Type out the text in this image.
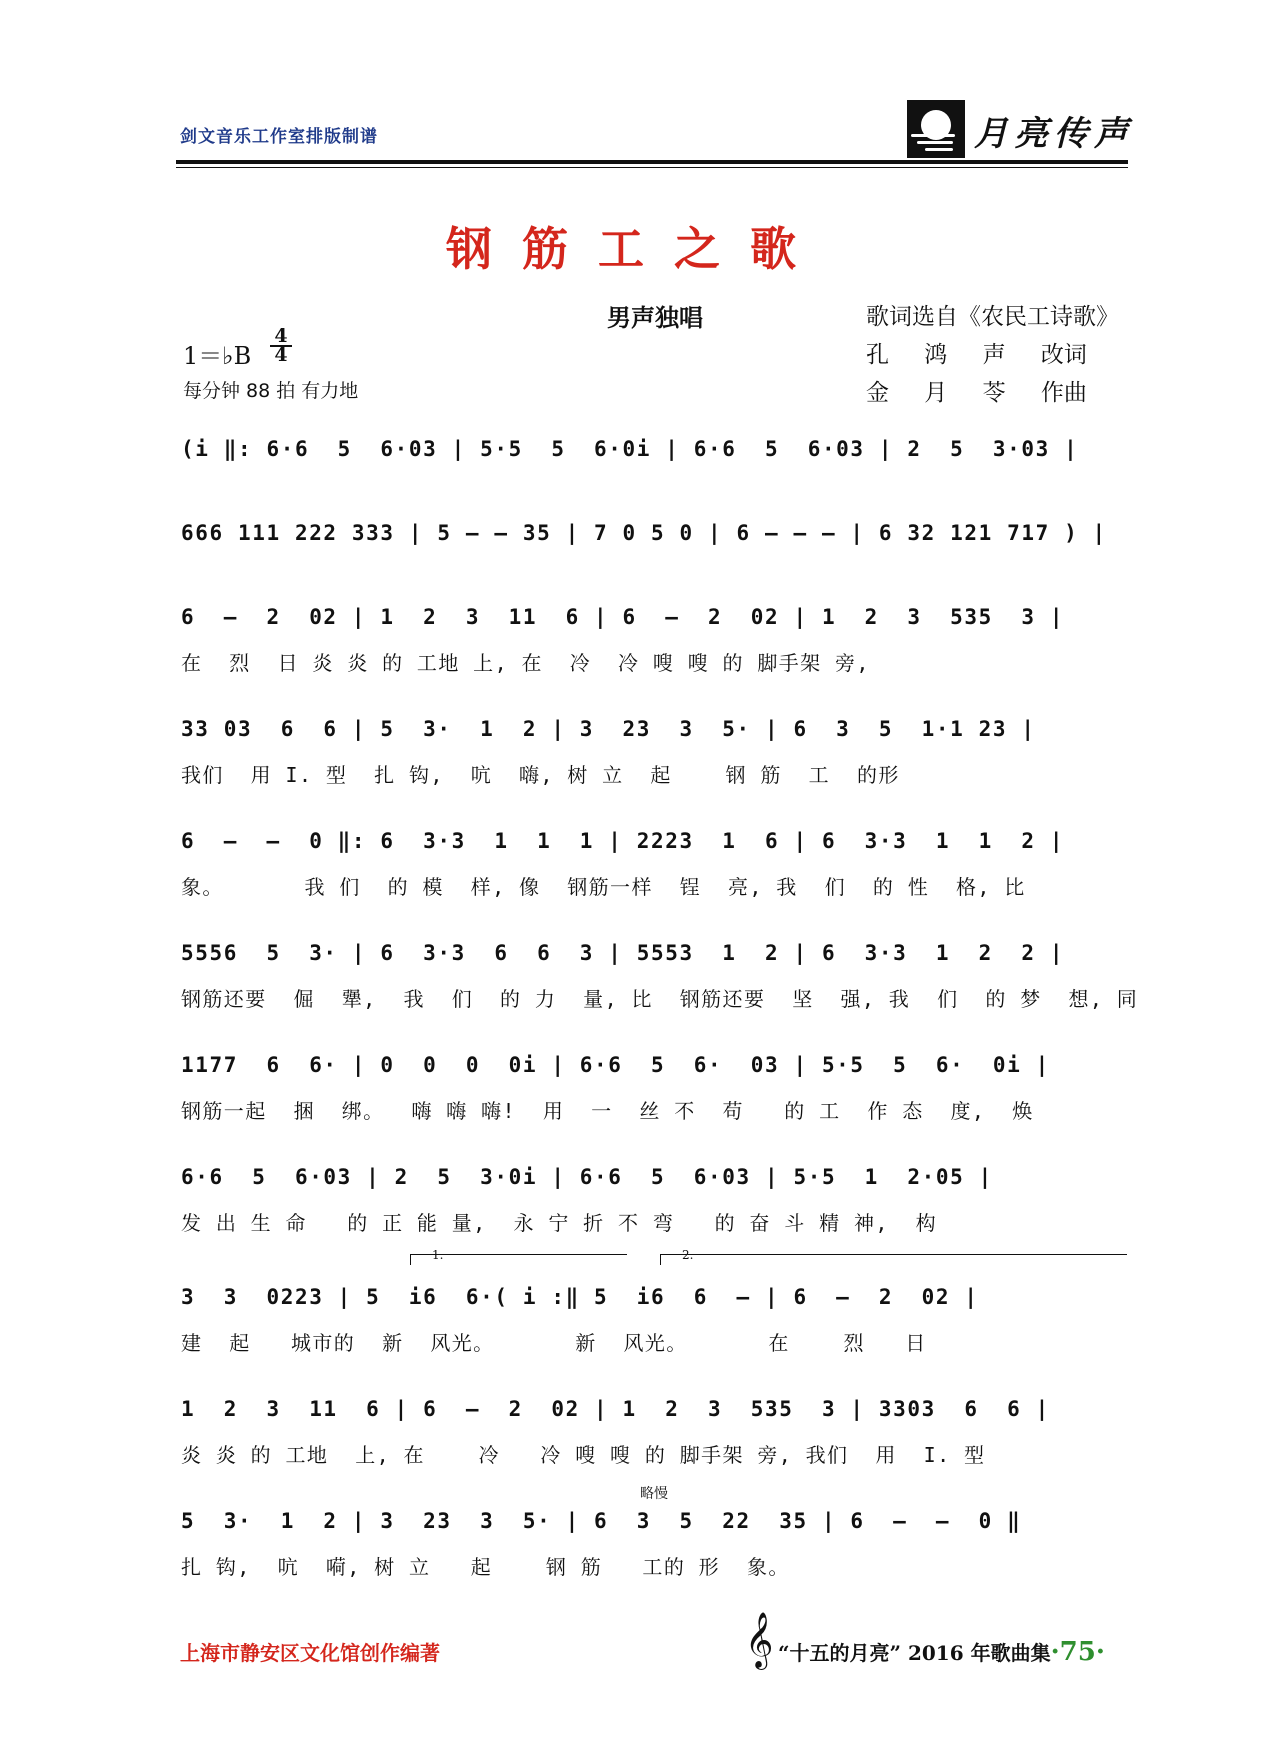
剑文音乐工作室排版制谱	月亮传声
钢筋工之歌
男声独唱	歌词选自《农民工诗歌》
孔 鸿 声 改词
金 月 苓 作曲
1＝♭B
4
4
每分钟 88 拍 有力地
(i ‖: 6·6  5  6·03 | 5·5  5  6·0i | 6·6  5  6·03 | 2  5  3·03 |
666 111 222 333 | 5 — — 35 | 7 0 5 0 | 6 — — — | 6 32 121 717 ) |
6  —  2  02 | 1  2  3  11  6 | 6  —  2  02 | 1  2  3  535  3 |
在  烈  日 炎 炎 的 工地 上, 在  冷  冷 嗖 嗖 的 脚手架 旁,
33 03  6  6 | 5  3·  1  2 | 3  23  3  5· | 6  3  5  1·1 23 |
我们  用 I. 型  扎 钩,  吭  嗨, 树 立  起    钢 筋  工  的形
6  —  —  0 ‖: 6  3·3  1  1  1 | 2223  1  6 | 6  3·3  1  1  2 |
象。      我 们  的 模  样, 像  钢筋一样  锃  亮, 我  们  的 性  格, 比
5556  5  3· | 6  3·3  6  6  3 | 5553  1  2 | 6  3·3  1  2  2 |
钢筋还要  倔  犟,  我  们  的 力  量, 比  钢筋还要  坚  强, 我  们  的 梦  想, 同
1177  6  6· | 0  0  0  0i | 6·6  5  6·  03 | 5·5  5  6·  0i |
钢筋一起  捆  绑。  嗨 嗨 嗨!  用  一  丝 不  苟   的 工  作 态  度,  焕
6·6  5  6·03 | 2  5  3·0i | 6·6  5  6·03 | 5·5  1  2·05 |
发 出 生 命   的 正 能 量,  永 宁 折 不 弯   的 奋 斗 精 神,  构
1.	2.
3  3  0223 | 5  i6  6·( i :‖ 5  i6  6  — | 6  —  2  02 |
建  起   城市的  新  风光。      新  风光。      在    烈   日
1  2  3  11  6 | 6  —  2  02 | 1  2  3  535  3 | 3303  6  6 |
炎 炎 的 工地  上, 在    冷   冷 嗖 嗖 的 脚手架 旁, 我们  用  I. 型
略慢
5  3·  1  2 | 3  23  3  5· | 6  3  5  22  35 | 6  —  —  0 ‖
扎 钩,  吭  嗬, 树 立   起    钢 筋   工的 形  象。
上海市静安区文化馆创作编著	𝄞 “十五的月亮” 2016 年歌曲集·75·
